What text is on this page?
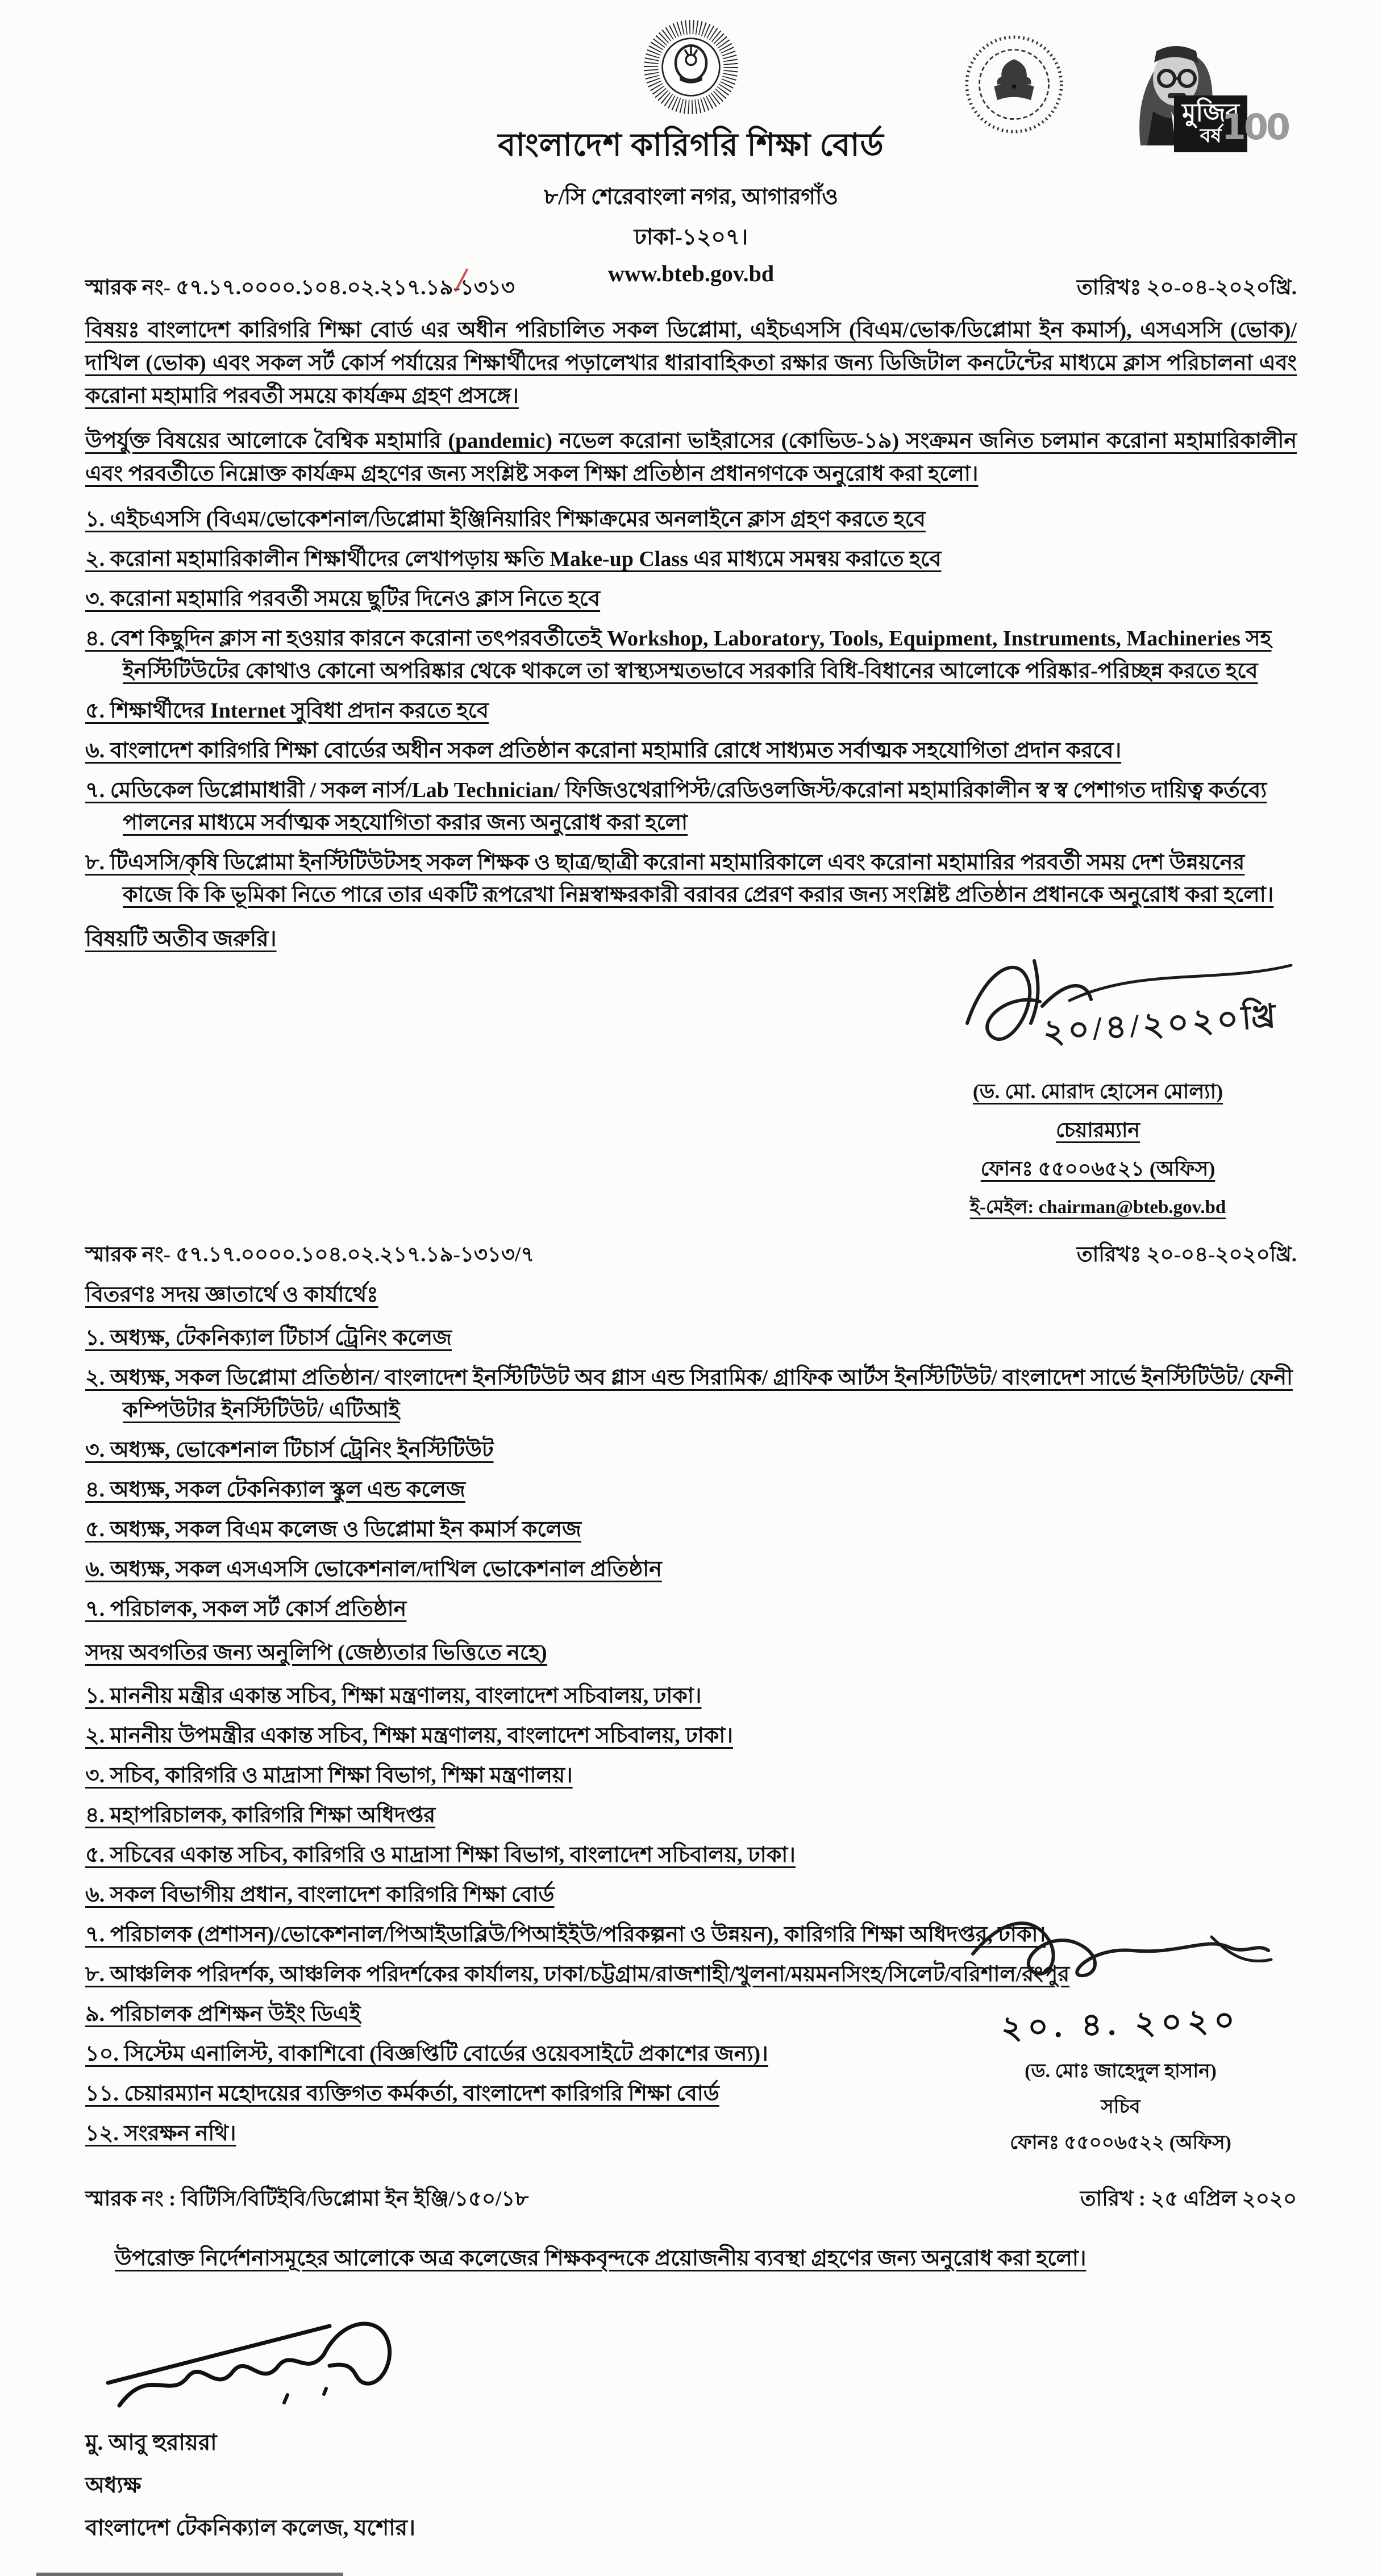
বাংলাদেশ কারিগরি শিক্ষা বোর্ড
৮/সি শেরেবাংলা নগর, আগারগাঁও
ঢাকা-১২০৭।
www.bteb.gov.bd
মুজিব
বর্ষ 100
স্মারক নং- ৫৭.১৭.০০০০.১০৪.০২.২১৭.১৯-১৩১৩	তারিখঃ ২০-০৪-২০২০খ্রি.

বিষয়ঃ বাংলাদেশ কারিগরি শিক্ষা বোর্ড এর অধীন পরিচালিত সকল ডিপ্লোমা, এইচএসসি (বিএম/ভোক/ডিপ্লোমা ইন কমার্স), এসএসসি (ভোক)/দাখিল (ভোক) এবং সকল সর্ট কোর্স পর্যায়ের শিক্ষার্থীদের পড়ালেখার ধারাবাহিকতা রক্ষার জন্য ডিজিটাল কনটেন্টের মাধ্যমে ক্লাস পরিচালনা এবং করোনা মহামারি পরবর্তী সময়ে কার্যক্রম গ্রহণ প্রসঙ্গে।

উপর্যুক্ত বিষয়ের আলোকে বৈশ্বিক মহামারি (pandemic) নভেল করোনা ভাইরাসের (কোভিড-১৯) সংক্রমন জনিত চলমান করোনা মহামারিকালীন এবং পরবর্তীতে নিম্নোক্ত কার্যক্রম গ্রহণের জন্য সংশ্লিষ্ট সকল শিক্ষা প্রতিষ্ঠান প্রধানগণকে অনুরোধ করা হলো।

১. এইচএসসি (বিএম/ভোকেশনাল/ডিপ্লোমা ইঞ্জিনিয়ারিং শিক্ষাক্রমের অনলাইনে ক্লাস গ্রহণ করতে হবে
২. করোনা মহামারিকালীন শিক্ষার্থীদের লেখাপড়ায় ক্ষতি Make-up Class এর মাধ্যমে সমন্বয় করাতে হবে
৩. করোনা মহামারি পরবর্তী সময়ে ছুটির দিনেও ক্লাস নিতে হবে
৪. বেশ কিছুদিন ক্লাস না হওয়ার কারনে করোনা তৎপরবর্তীতেই Workshop, Laboratory, Tools, Equipment, Instruments, Machineries সহ ইনস্টিটিউটের কোথাও কোনো অপরিষ্কার থেকে থাকলে তা স্বাস্থ্যসম্মতভাবে সরকারি বিধি-বিধানের আলোকে পরিষ্কার-পরিচ্ছন্ন করতে হবে
৫. শিক্ষার্থীদের Internet সুবিধা প্রদান করতে হবে
৬. বাংলাদেশ কারিগরি শিক্ষা বোর্ডের অধীন সকল প্রতিষ্ঠান করোনা মহামারি রোধে সাধ্যমত সর্বাত্মক সহযোগিতা প্রদান করবে।
৭. মেডিকেল ডিপ্লোমাধারী / সকল নার্স/Lab Technician/ ফিজিওথেরাপিস্ট/রেডিওলজিস্ট/করোনা মহামারিকালীন স্ব স্ব পেশাগত দায়িত্ব কর্তব্যে পালনের মাধ্যমে সর্বাত্মক সহযোগিতা করার জন্য অনুরোধ করা হলো
৮. টিএসসি/কৃষি ডিপ্লোমা ইনস্টিটিউটসহ সকল শিক্ষক ও ছাত্র/ছাত্রী করোনা মহামারিকালে এবং করোনা মহামারির পরবর্তী সময় দেশ উন্নয়নের কাজে কি কি ভূমিকা নিতে পারে তার একটি রূপরেখা নিম্নস্বাক্ষরকারী বরাবর প্রেরণ করার জন্য সংশ্লিষ্ট প্রতিষ্ঠান প্রধানকে অনুরোধ করা হলো।

বিষয়টি অতীব জরুরি।

২০/৪/২০২০খ্রি
(ড. মো. মোরাদ হোসেন মোল্যা)
চেয়ারম্যান
ফোনঃ ৫৫০০৬৫২১ (অফিস)
ই-মেইল: chairman@bteb.gov.bd
স্মারক নং- ৫৭.১৭.০০০০.১০৪.০২.২১৭.১৯-১৩১৩/৭	তারিখঃ ২০-০৪-২০২০খ্রি.
বিতরণঃ সদয় জ্ঞাতার্থে ও কার্যার্থেঃ
১. অধ্যক্ষ, টেকনিক্যাল টিচার্স ট্রেনিং কলেজ
২. অধ্যক্ষ, সকল ডিপ্লোমা প্রতিষ্ঠান/ বাংলাদেশ ইনস্টিটিউট অব গ্লাস এন্ড সিরামিক/ গ্রাফিক আর্টস ইনস্টিটিউট/ বাংলাদেশ সার্ভে ইনস্টিটিউট/ ফেনী কম্পিউটার ইনস্টিটিউট/ এটিআই
৩. অধ্যক্ষ, ভোকেশনাল টিচার্স ট্রেনিং ইনস্টিটিউট
৪. অধ্যক্ষ, সকল টেকনিক্যাল স্কুল এন্ড কলেজ
৫. অধ্যক্ষ, সকল বিএম কলেজ ও ডিপ্লোমা ইন কমার্স কলেজ
৬. অধ্যক্ষ, সকল এসএসসি ভোকেশনাল/দাখিল ভোকেশনাল প্রতিষ্ঠান
৭. পরিচালক, সকল সর্ট কোর্স প্রতিষ্ঠান
সদয় অবগতির জন্য অনুলিপি (জেষ্ঠ্যতার ভিত্তিতে নহে)
১. মাননীয় মন্ত্রীর একান্ত সচিব, শিক্ষা মন্ত্রণালয়, বাংলাদেশ সচিবালয়, ঢাকা।
২. মাননীয় উপমন্ত্রীর একান্ত সচিব, শিক্ষা মন্ত্রণালয়, বাংলাদেশ সচিবালয়, ঢাকা।
৩. সচিব, কারিগরি ও মাদ্রাসা শিক্ষা বিভাগ, শিক্ষা মন্ত্রণালয়।
৪. মহাপরিচালক, কারিগরি শিক্ষা অধিদপ্তর
৫. সচিবের একান্ত সচিব, কারিগরি ও মাদ্রাসা শিক্ষা বিভাগ, বাংলাদেশ সচিবালয়, ঢাকা।
৬. সকল বিভাগীয় প্রধান, বাংলাদেশ কারিগরি শিক্ষা বোর্ড
৭. পরিচালক (প্রশাসন)/ভোকেশনাল/পিআইডাব্লিউ/পিআইইউ/পরিকল্পনা ও উন্নয়ন), কারিগরি শিক্ষা অধিদপ্তর, ঢাকা।
৮. আঞ্চলিক পরিদর্শক, আঞ্চলিক পরিদর্শকের কার্যালয়, ঢাকা/চট্টগ্রাম/রাজশাহী/খুলনা/ময়মনসিংহ/সিলেট/বরিশাল/রংপুর
৯. পরিচালক প্রশিক্ষন উইং ডিএই
১০. সিস্টেম এনালিস্ট, বাকাশিবো (বিজ্ঞপ্তিটি বোর্ডের ওয়েবসাইটে প্রকাশের জন্য)।
১১. চেয়ারম্যান মহোদয়ের ব্যক্তিগত কর্মকর্তা, বাংলাদেশ কারিগরি শিক্ষা বোর্ড
১২. সংরক্ষন নথি।
২০. ৪. ২০২০
(ড. মোঃ জাহেদুল হাসান)
সচিব
ফোনঃ ৫৫০০৬৫২২ (অফিস)
স্মারক নং : বিটিসি/বিটিইবি/ডিপ্লোমা ইন ইঞ্জি/১৫০/১৮	তারিখ : ২৫ এপ্রিল ২০২০

উপরোক্ত নির্দেশনাসমূহের আলোকে অত্র কলেজের শিক্ষকবৃন্দকে প্রয়োজনীয় ব্যবস্থা গ্রহণের জন্য অনুরোধ করা হলো।

মু. আবু হুরায়রা
অধ্যক্ষ
বাংলাদেশ টেকনিক্যাল কলেজ, যশোর।
